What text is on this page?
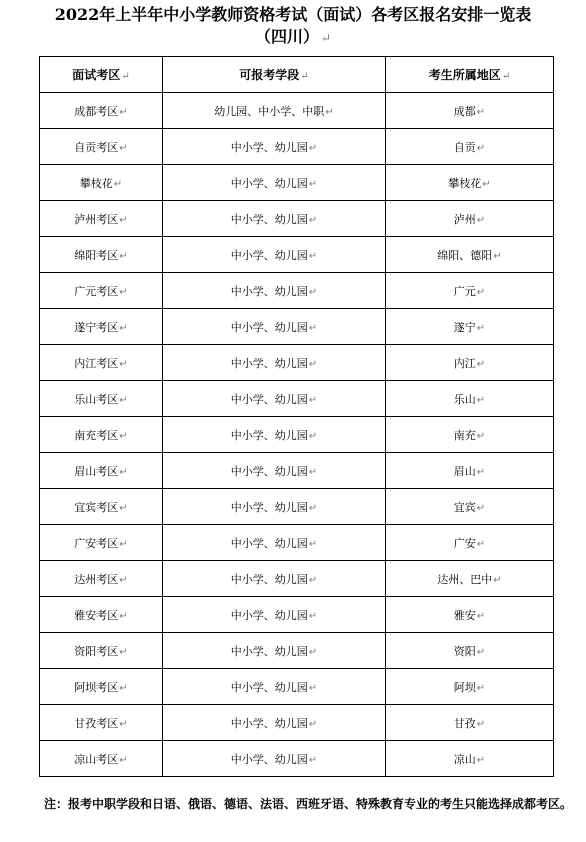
2022年上半年中小学教师资格考试（面试）各考区报名安排一览表
（四川） ↵
面试考区↵	可报考学段↵	考生所属地区↵
成都考区↵	幼儿园、中小学、中职↵	成都↵
自贡考区↵	中小学、幼儿园↵	自贡↵
攀枝花↵	中小学、幼儿园↵	攀枝花↵
泸州考区↵	中小学、幼儿园↵	泸州↵
绵阳考区↵	中小学、幼儿园↵	绵阳、德阳↵
广元考区↵	中小学、幼儿园↵	广元↵
遂宁考区↵	中小学、幼儿园↵	遂宁↵
内江考区↵	中小学、幼儿园↵	内江↵
乐山考区↵	中小学、幼儿园↵	乐山↵
南充考区↵	中小学、幼儿园↵	南充↵
眉山考区↵	中小学、幼儿园↵	眉山↵
宜宾考区↵	中小学、幼儿园↵	宜宾↵
广安考区↵	中小学、幼儿园↵	广安↵
达州考区↵	中小学、幼儿园↵	达州、巴中↵
雅安考区↵	中小学、幼儿园↵	雅安↵
资阳考区↵	中小学、幼儿园↵	资阳↵
阿坝考区↵	中小学、幼儿园↵	阿坝↵
甘孜考区↵	中小学、幼儿园↵	甘孜↵
凉山考区↵	中小学、幼儿园↵	凉山↵
注：报考中职学段和日语、俄语、德语、法语、西班牙语、特殊教育专业的考生只能选择成都考区。
